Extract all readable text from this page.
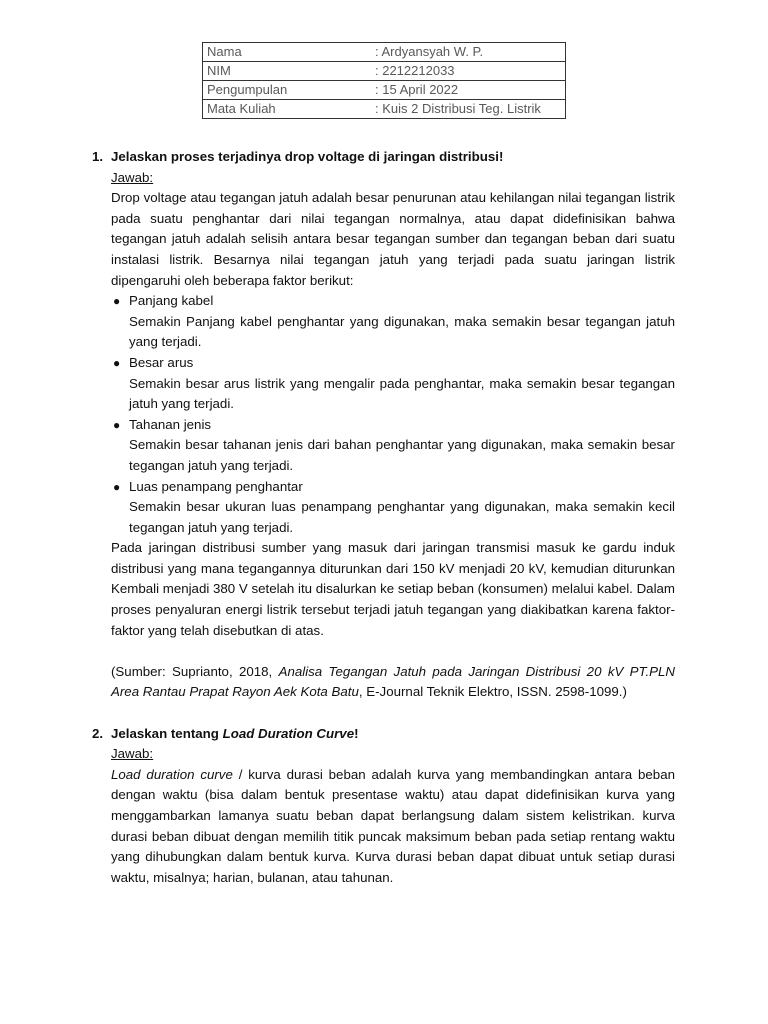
Nama	: Ardyansyah W. P.
NIM	: 2212212033
Pengumpulan	: 15 April 2022
Mata Kuliah	: Kuis 2 Distribusi Teg. Listrik
1. Jelaskan proses terjadinya drop voltage di jaringan distribusi!
Jawab:
Drop voltage atau tegangan jatuh adalah besar penurunan atau kehilangan nilai tegangan listrik pada suatu penghantar dari nilai tegangan normalnya, atau dapat didefinisikan bahwa tegangan jatuh adalah selisih antara besar tegangan sumber dan tegangan beban dari suatu instalasi listrik. Besarnya nilai tegangan jatuh yang terjadi pada suatu jaringan listrik dipengaruhi oleh beberapa faktor berikut:
● Panjang kabel
Semakin Panjang kabel penghantar yang digunakan, maka semakin besar tegangan jatuh yang terjadi.
● Besar arus
Semakin besar arus listrik yang mengalir pada penghantar, maka semakin besar tegangan jatuh yang terjadi.
● Tahanan jenis
Semakin besar tahanan jenis dari bahan penghantar yang digunakan, maka semakin besar tegangan jatuh yang terjadi.
● Luas penampang penghantar
Semakin besar ukuran luas penampang penghantar yang digunakan, maka semakin kecil tegangan jatuh yang terjadi.
Pada jaringan distribusi sumber yang masuk dari jaringan transmisi masuk ke gardu induk distribusi yang mana tegangannya diturunkan dari 150 kV menjadi 20 kV, kemudian diturunkan Kembali menjadi 380 V setelah itu disalurkan ke setiap beban (konsumen) melalui kabel. Dalam proses penyaluran energi listrik tersebut terjadi jatuh tegangan yang diakibatkan karena faktor-faktor yang telah disebutkan di atas.
(Sumber: Suprianto, 2018, Analisa Tegangan Jatuh pada Jaringan Distribusi 20 kV PT.PLN Area Rantau Prapat Rayon Aek Kota Batu, E-Journal Teknik Elektro, ISSN. 2598-1099.)
2. Jelaskan tentang Load Duration Curve!
Jawab:
Load duration curve / kurva durasi beban adalah kurva yang membandingkan antara beban dengan waktu (bisa dalam bentuk presentase waktu) atau dapat didefinisikan kurva yang menggambarkan lamanya suatu beban dapat berlangsung dalam sistem kelistrikan. kurva durasi beban dibuat dengan memilih titik puncak maksimum beban pada setiap rentang waktu yang dihubungkan dalam bentuk kurva. Kurva durasi beban dapat dibuat untuk setiap durasi waktu, misalnya; harian, bulanan, atau tahunan.
